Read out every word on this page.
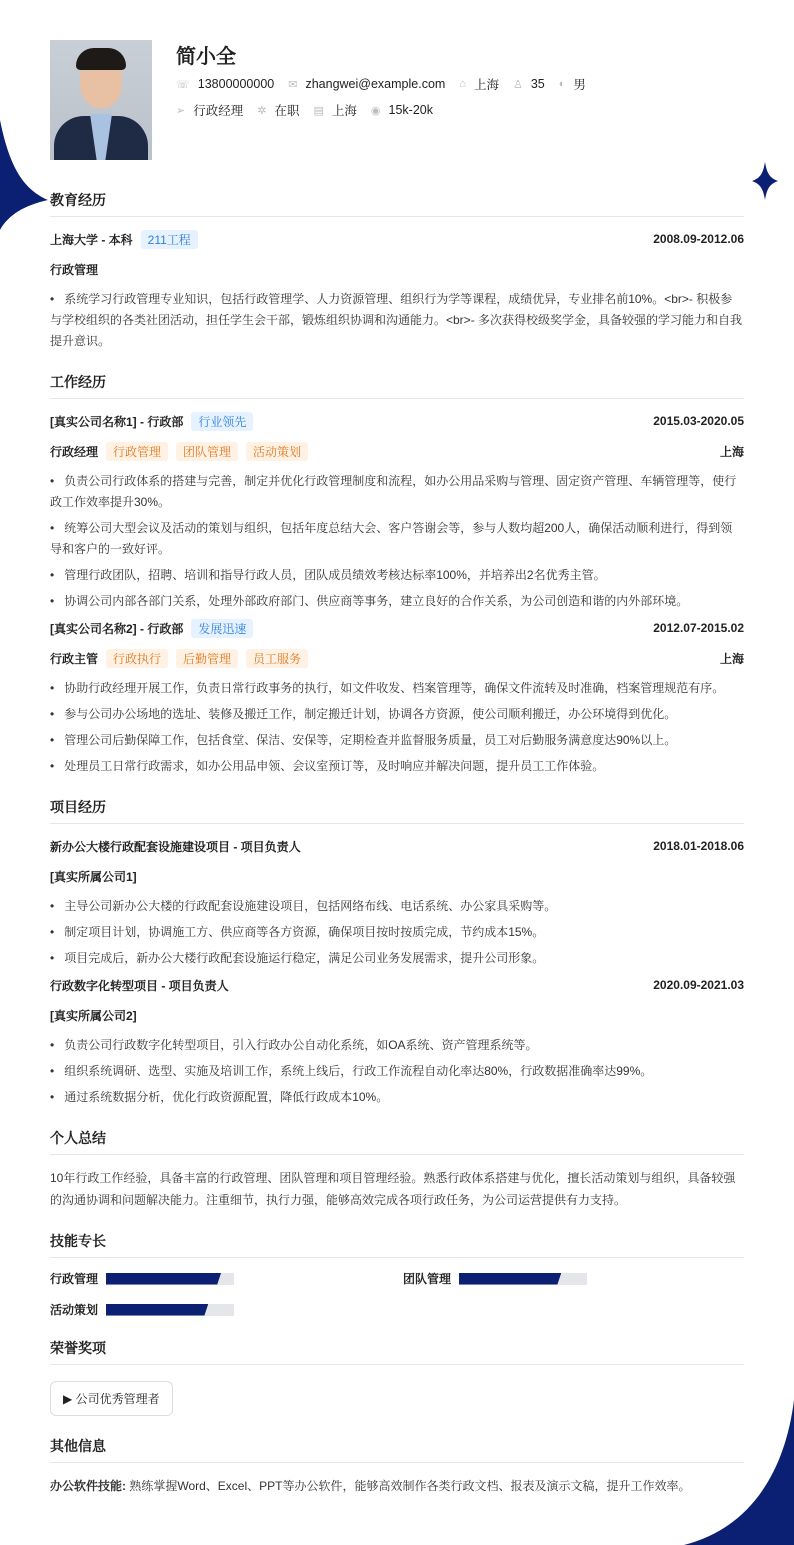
简小全
☏ 13800000000 ✉ zhangwei@example.com ⌂ 上海 ♙ 35 ◐ 男
➢ 行政经理 ✲ 在职 ▤ 上海 ◉ 15k-20k
教育经历
上海大学 - 本科	211工程	2008.09-2012.06
行政管理
• 系统学习行政管理专业知识，包括行政管理学、人力资源管理、组织行为学等课程，成绩优异，专业排名前10%。<br>- 积极参与学校组织的各类社团活动，担任学生会干部，锻炼组织协调和沟通能力。<br>- 多次获得校级奖学金，具备较强的学习能力和自我提升意识。
工作经历
[真实公司名称1] - 行政部	行业领先	2015.03-2020.05
行政经理	行政管理	团队管理	活动策划	上海
• 负责公司行政体系的搭建与完善，制定并优化行政管理制度和流程，如办公用品采购与管理、固定资产管理、车辆管理等，使行政工作效率提升30%。
• 统筹公司大型会议及活动的策划与组织，包括年度总结大会、客户答谢会等，参与人数均超200人，确保活动顺利进行，得到领导和客户的一致好评。
• 管理行政团队，招聘、培训和指导行政人员，团队成员绩效考核达标率100%，并培养出2名优秀主管。
• 协调公司内部各部门关系，处理外部政府部门、供应商等事务，建立良好的合作关系，为公司创造和谐的内外部环境。
[真实公司名称2] - 行政部	发展迅速	2012.07-2015.02
行政主管	行政执行	后勤管理	员工服务	上海
• 协助行政经理开展工作，负责日常行政事务的执行，如文件收发、档案管理等，确保文件流转及时准确，档案管理规范有序。
• 参与公司办公场地的选址、装修及搬迁工作，制定搬迁计划，协调各方资源，使公司顺利搬迁，办公环境得到优化。
• 管理公司后勤保障工作，包括食堂、保洁、安保等，定期检查并监督服务质量，员工对后勤服务满意度达90%以上。
• 处理员工日常行政需求，如办公用品申领、会议室预订等，及时响应并解决问题，提升员工工作体验。
项目经历
新办公大楼行政配套设施建设项目 - 项目负责人	2018.01-2018.06
[真实所属公司1]
• 主导公司新办公大楼的行政配套设施建设项目，包括网络布线、电话系统、办公家具采购等。
• 制定项目计划，协调施工方、供应商等各方资源，确保项目按时按质完成，节约成本15%。
• 项目完成后，新办公大楼行政配套设施运行稳定，满足公司业务发展需求，提升公司形象。
行政数字化转型项目 - 项目负责人	2020.09-2021.03
[真实所属公司2]
• 负责公司行政数字化转型项目，引入行政办公自动化系统，如OA系统、资产管理系统等。
• 组织系统调研、选型、实施及培训工作，系统上线后，行政工作流程自动化率达80%，行政数据准确率达99%。
• 通过系统数据分析，优化行政资源配置，降低行政成本10%。
个人总结
10年行政工作经验，具备丰富的行政管理、团队管理和项目管理经验。熟悉行政体系搭建与优化，擅长活动策划与组织，具备较强的沟通协调和问题解决能力。注重细节，执行力强，能够高效完成各项行政任务，为公司运营提供有力支持。
技能专长
行政管理	团队管理
活动策划
荣誉奖项
▶ 公司优秀管理者
其他信息
办公软件技能: 熟练掌握Word、Excel、PPT等办公软件，能够高效制作各类行政文档、报表及演示文稿，提升工作效率。
